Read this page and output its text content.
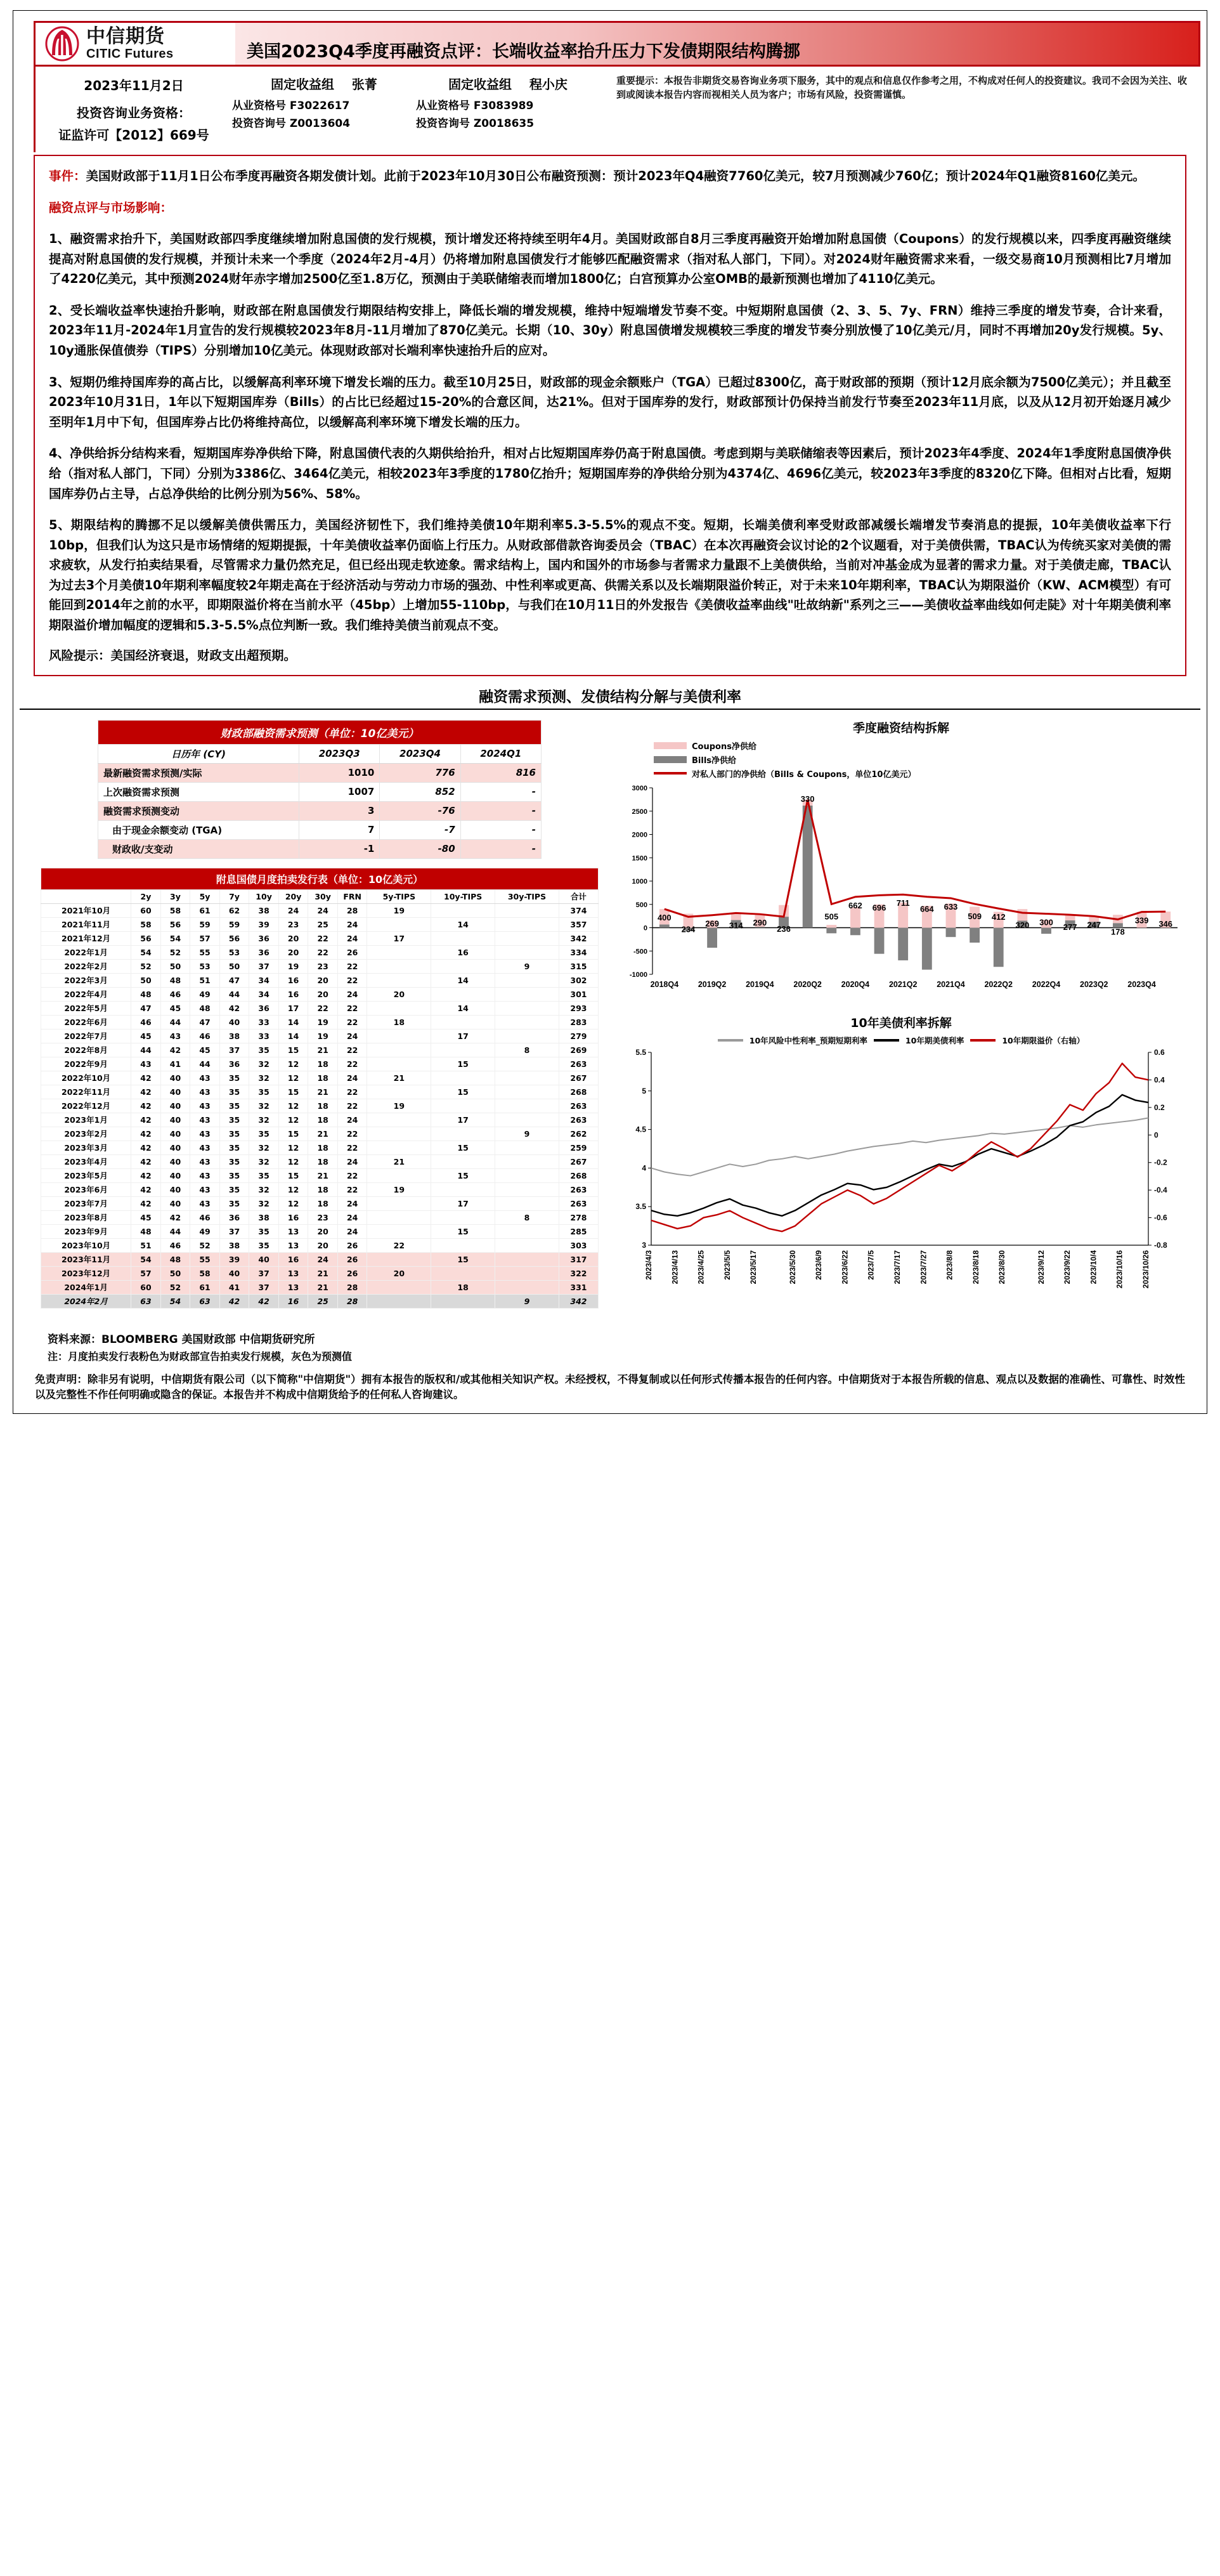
中信期货
CITIC Futures	美国2023Q4季度再融资点评：长端收益率抬升压力下发债期限结构腾挪
2023年11月2日
投资咨询业务资格：
证监许可【2012】669号
固定收益组 张菁
从业资格号 F3022617
投资咨询号 Z0013604
固定收益组 程小庆
从业资格号 F3083989
投资咨询号 Z0018635
重要提示：本报告非期货交易咨询业务项下服务，其中的观点和信息仅作参考之用，不构成对任何人的投资建议。我司不会因为关注、收到或阅读本报告内容而视相关人员为客户；市场有风险，投资需谨慎。

事件：美国财政部于11月1日公布季度再融资各期发债计划。此前于2023年10月30日公布融资预测：预计2023年Q4融资7760亿美元，较7月预测减少760亿；预计2024年Q1融资8160亿美元。

融资点评与市场影响：

1、融资需求抬升下，美国财政部四季度继续增加附息国债的发行规模，预计增发还将持续至明年4月。美国财政部自8月三季度再融资开始增加附息国债（Coupons）的发行规模以来，四季度再融资继续提高对附息国债的发行规模，并预计未来一个季度（2024年2月-4月）仍将增加附息国债发行才能够匹配融资需求（指对私人部门，下同）。对2024财年融资需求来看，一级交易商10月预测相比7月增加了4220亿美元，其中预测2024财年赤字增加2500亿至1.8万亿，预测由于美联储缩表而增加1800亿；白宫预算办公室OMB的最新预测也增加了4110亿美元。

2、受长端收益率快速抬升影响，财政部在附息国债发行期限结构安排上，降低长端的增发规模，维持中短端增发节奏不变。中短期附息国债（2、3、5、7y、FRN）维持三季度的增发节奏，合计来看，2023年11月-2024年1月宣告的发行规模较2023年8月-11月增加了870亿美元。长期（10、30y）附息国债增发规模较三季度的增发节奏分别放慢了10亿美元/月，同时不再增加20y发行规模。5y、10y通胀保值债券（TIPS）分别增加10亿美元。体现财政部对长端利率快速抬升后的应对。

3、短期仍维持国库券的高占比，以缓解高利率环境下增发长端的压力。截至10月25日，财政部的现金余额账户（TGA）已超过8300亿，高于财政部的预期（预计12月底余额为7500亿美元）；并且截至2023年10月31日，1年以下短期国库券（Bills）的占比已经超过15-20%的合意区间，达21%。但对于国库券的发行，财政部预计仍保持当前发行节奏至2023年11月底，以及从12月初开始逐月减少至明年1月中下旬，但国库券占比仍将维持高位，以缓解高利率环境下增发长端的压力。

4、净供给拆分结构来看，短期国库券净供给下降，附息国债代表的久期供给抬升，相对占比短期国库券仍高于附息国债。考虑到期与美联储缩表等因素后，预计2023年4季度、2024年1季度附息国债净供给（指对私人部门，下同）分别为3386亿、3464亿美元，相较2023年3季度的1780亿抬升；短期国库券的净供给分别为4374亿、4696亿美元，较2023年3季度的8320亿下降。但相对占比看，短期国库券仍占主导，占总净供给的比例分别为56%、58%。

5、期限结构的腾挪不足以缓解美债供需压力，美国经济韧性下，我们维持美债10年期利率5.3-5.5%的观点不变。短期，长端美债利率受财政部减缓长端增发节奏消息的提振，10年美债收益率下行10bp，但我们认为这只是市场情绪的短期提振，十年美债收益率仍面临上行压力。从财政部借款咨询委员会（TBAC）在本次再融资会议讨论的2个议题看，对于美债供需，TBAC认为传统买家对美债的需求疲软，从发行拍卖结果看，尽管需求力量仍然充足，但已经出现走软迹象。需求结构上，国内和国外的市场参与者需求力量跟不上美债供给，当前对冲基金成为显著的需求力量。对于美债走廊，TBAC认为过去3个月美债10年期利率幅度较2年期走高在于经济活动与劳动力市场的强劲、中性利率或更高、供需关系以及长端期限溢价转正，对于未来10年期利率，TBAC认为期限溢价（KW、ACM模型）有可能回到2014年之前的水平，即期限溢价将在当前水平（45bp）上增加55-110bp，与我们在10月11日的外发报告《美债收益率曲线"吐故纳新"系列之三——美债收益率曲线如何走陡》对十年期美债利率期限溢价增加幅度的逻辑和5.3-5.5%点位判断一致。我们维持美债当前观点不变。

风险提示：美国经济衰退，财政支出超预期。

融资需求预测、发债结构分解与美债利率
财政部融资需求预测（单位：10亿美元）			
日历年 (CY)	2023Q3	2023Q4	2024Q1
最新融资需求预测/实际	1010	776	816
上次融资需求预测	1007	852	-
融资需求预测变动	3	-76	-
由于现金余额变动 (TGA)	7	-7	-
财政收/支变动	-1	-80	-
附息国债月度拍卖发行表（单位：10亿美元）												
	2y	3y	5y	7y	10y	20y	30y	FRN	5y-TIPS	10y-TIPS	30y-TIPS	合计
2021年10月	60	58	61	62	38	24	24	28	19			374
2021年11月	58	56	59	59	39	23	25	24		14		357
2021年12月	56	54	57	56	36	20	22	24	17			342
2022年1月	54	52	55	53	36	20	22	26		16		334
2022年2月	52	50	53	50	37	19	23	22			9	315
2022年3月	50	48	51	47	34	16	20	22		14		302
2022年4月	48	46	49	44	34	16	20	24	20			301
2022年5月	47	45	48	42	36	17	22	22		14		293
2022年6月	46	44	47	40	33	14	19	22	18			283
2022年7月	45	43	46	38	33	14	19	24		17		279
2022年8月	44	42	45	37	35	15	21	22			8	269
2022年9月	43	41	44	36	32	12	18	22		15		263
2022年10月	42	40	43	35	32	12	18	24	21			267
2022年11月	42	40	43	35	35	15	21	22		15		268
2022年12月	42	40	43	35	32	12	18	22	19			263
2023年1月	42	40	43	35	32	12	18	24		17		263
2023年2月	42	40	43	35	35	15	21	22			9	262
2023年3月	42	40	43	35	32	12	18	22		15		259
2023年4月	42	40	43	35	32	12	18	24	21			267
2023年5月	42	40	43	35	35	15	21	22		15		268
2023年6月	42	40	43	35	32	12	18	22	19			263
2023年7月	42	40	43	35	32	12	18	24		17		263
2023年8月	45	42	46	36	38	16	23	24			8	278
2023年9月	48	44	49	37	35	13	20	24		15		285
2023年10月	51	46	52	38	35	13	20	26	22			303
2023年11月	54	48	55	39	40	16	24	26		15		317
2023年12月	57	50	58	40	37	13	21	26	20			322
2024年1月	60	52	61	41	37	13	21	28		18		331
2024年2月	63	54	63	42	42	16	25	28			9	342
季度融资结构拆解
Coupons净供给
Bills净供给
对私人部门的净供给（Bills & Coupons，单位10亿美元）
-1000
-500
0
500
1000
1500
2000
2500
3000
400
234
269 314 290
236
505
662 696 711
664 633
509 412
320 300
277 247
178
339 346
330
2018Q4 2019Q2 2019Q4 2020Q2 2020Q4 2021Q2 2021Q4 2022Q2 2022Q4 2023Q2 2023Q4
10年美债利率拆解
10年风险中性利率_预期短期利率	10年期美债利率	10年期限溢价（右轴）
3
3.5
4
4.5
5
5.5
-0.8
-0.6
-0.4
-0.2
0
0.2
0.4
0.6
2023/4/3 2023/4/13 2023/4/25 2023/5/5 2023/5/17	2023/5/30 2023/6/9 2023/6/22 2023/7/5 2023/7/17 2023/7/27 2023/8/8 2023/8/18 2023/8/30	2023/9/12 2023/9/22 2023/10/4 2023/10/16 2023/10/26
资料来源：BLOOMBERG 美国财政部 中信期货研究所
注：月度拍卖发行表粉色为财政部宣告拍卖发行规模，灰色为预测值
免责声明：除非另有说明，中信期货有限公司（以下简称"中信期货"）拥有本报告的版权和/或其他相关知识产权。未经授权，不得复制或以任何形式传播本报告的任何内容。中信期货对于本报告所载的信息、观点以及数据的准确性、可靠性、时效性以及完整性不作任何明确或隐含的保证。本报告并不构成中信期货给予的任何私人咨询建议。
